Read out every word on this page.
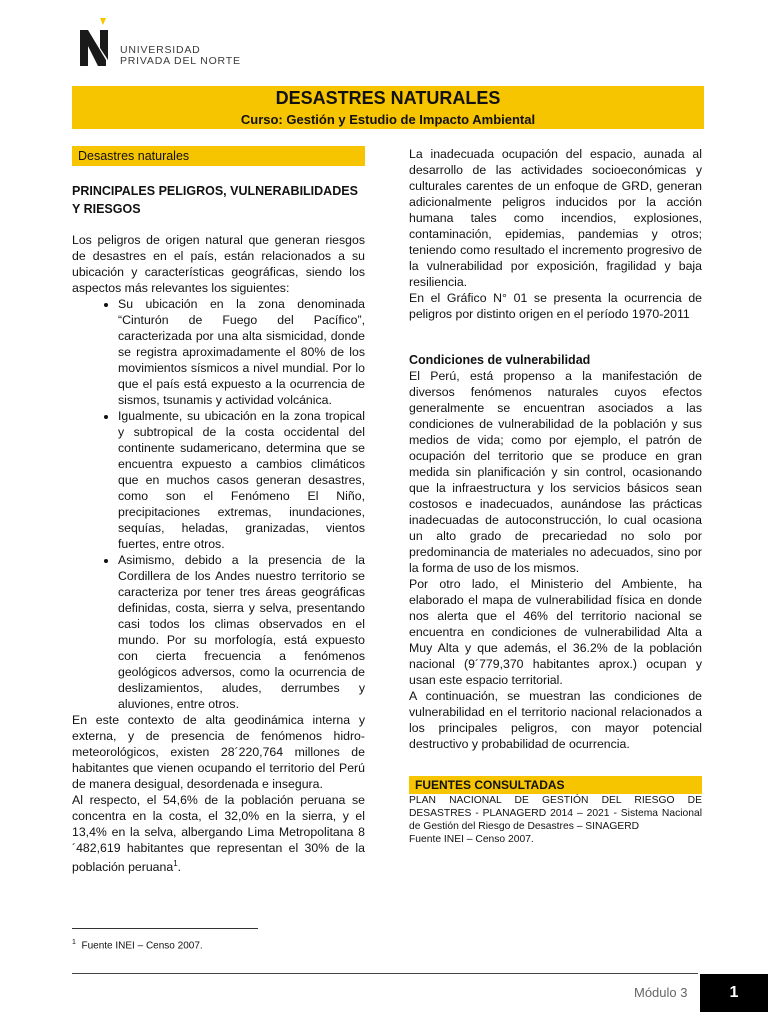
UNIVERSIDAD
PRIVADA DEL NORTE
DESASTRES NATURALES
Curso: Gestión y Estudio de Impacto Ambiental
Desastres naturales
PRINCIPALES PELIGROS, VULNERABILIDADES Y RIESGOS

Los peligros de origen natural que generan riesgos de desastres en el país, están relacionados a su ubicación y características geográficas, siendo los aspectos más relevantes los siguientes:

• Su ubicación en la zona denominada “Cinturón de Fuego del Pacífico”, caracterizada por una alta sismicidad, donde se registra aproximadamente el 80% de los movimientos sísmicos a nivel mundial. Por lo que el país está expuesto a la ocurrencia de sismos, tsunamis y actividad volcánica.
• Igualmente, su ubicación en la zona tropical y subtropical de la costa occidental del continente sudamericano, determina que se encuentra expuesto a cambios climáticos que en muchos casos generan desastres, como son el Fenómeno El Niño, precipitaciones extremas, inundaciones, sequías, heladas, granizadas, vientos fuertes, entre otros.
• Asimismo, debido a la presencia de la Cordillera de los Andes nuestro territorio se caracteriza por tener tres áreas geográficas definidas, costa, sierra y selva, presentando casi todos los climas observados en el mundo. Por su morfología, está expuesto con cierta frecuencia a fenómenos geológicos adversos, como la ocurrencia de deslizamientos, aludes, derrumbes y aluviones, entre otros.

En este contexto de alta geodinámica interna y externa, y de presencia de fenómenos hidro-meteorológicos, existen 28´220,764 millones de habitantes que vienen ocupando el territorio del Perú de manera desigual, desordenada e insegura.

Al respecto, el 54,6% de la población peruana se concentra en la costa, el 32,0% en la sierra, y el 13,4% en la selva, albergando Lima Metropolitana 8´482,619 habitantes que representan el 30% de la población peruana$^1$.

$^1$ Fuente INEI – Censo 2007.

La inadecuada ocupación del espacio, aunada al desarrollo de las actividades socioeconómicas y culturales carentes de un enfoque de GRD, generan adicionalmente peligros inducidos por la acción humana tales como incendios, explosiones, contaminación, epidemias, pandemias y otros; teniendo como resultado el incremento progresivo de la vulnerabilidad por exposición, fragilidad y baja resiliencia.

En el Gráfico N° 01 se presenta la ocurrencia de peligros por distinto origen en el período 1970-2011

Condiciones de vulnerabilidad

El Perú, está propenso a la manifestación de diversos fenómenos naturales cuyos efectos generalmente se encuentran asociados a las condiciones de vulnerabilidad de la población y sus medios de vida; como por ejemplo, el patrón de ocupación del territorio que se produce en gran medida sin planificación y sin control, ocasionando que la infraestructura y los servicios básicos sean costosos e inadecuados, aunándose las prácticas inadecuadas de autoconstrucción, lo cual ocasiona un alto grado de precariedad no solo por predominancia de materiales no adecuados, sino por la forma de uso de los mismos.

Por otro lado, el Ministerio del Ambiente, ha elaborado el mapa de vulnerabilidad física en donde nos alerta que el 46% del territorio nacional se encuentra en condiciones de vulnerabilidad Alta a Muy Alta y que además, el 36.2% de la población nacional (9´779,370 habitantes aprox.) ocupan y usan este espacio territorial.

A continuación, se muestran las condiciones de vulnerabilidad en el territorio nacional relacionados a los principales peligros, con mayor potencial destructivo y probabilidad de ocurrencia.

FUENTES CONSULTADAS
PLAN NACIONAL DE GESTIÓN DEL RIESGO DE DESASTRES - PLANAGERD 2014 – 2021 - Sistema Nacional de Gestión del Riesgo de Desastres – SINAGERD
Fuente INEI – Censo 2007.
Módulo 3	1
